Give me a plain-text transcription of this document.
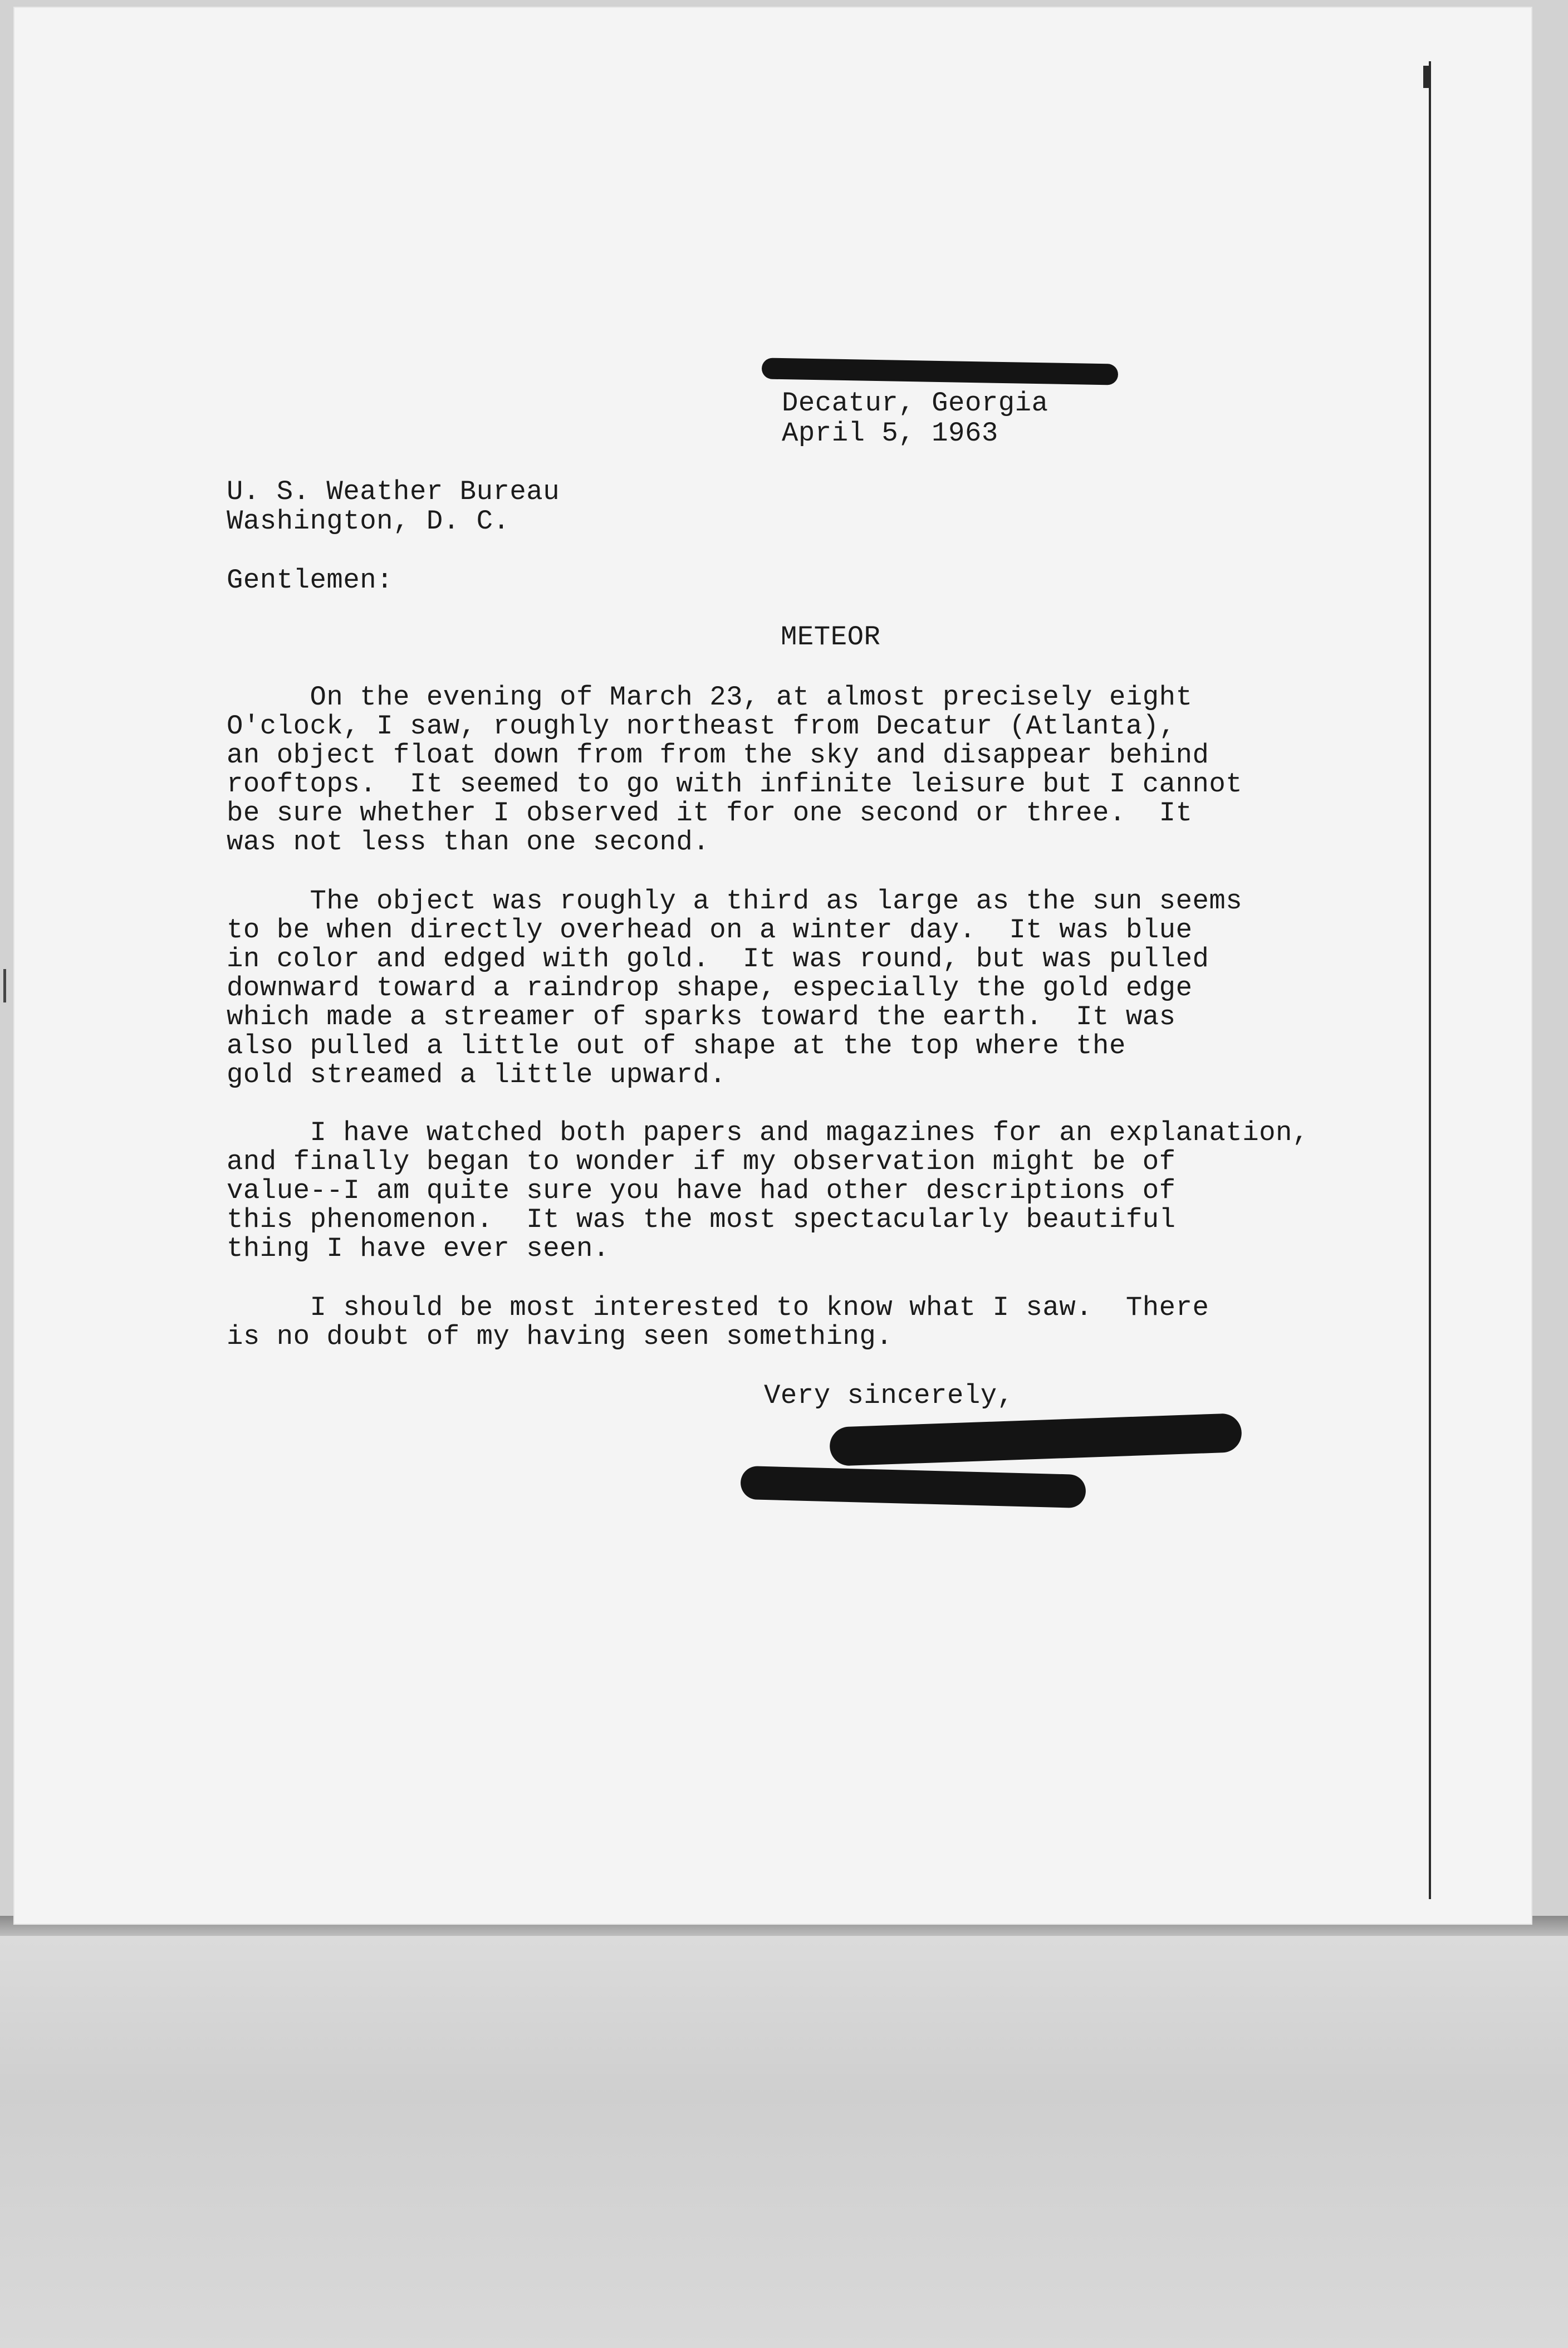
Decatur, Georgia
April 5, 1963
U. S. Weather Bureau
Washington, D. C.
Gentlemen:
METEOR
On the evening of March 23, at almost precisely eight
O'clock, I saw, roughly northeast from Decatur (Atlanta),
an object float down from from the sky and disappear behind
rooftops.  It seemed to go with infinite leisure but I cannot
be sure whether I observed it for one second or three.  It
was not less than one second.
The object was roughly a third as large as the sun seems
to be when directly overhead on a winter day.  It was blue
in color and edged with gold.  It was round, but was pulled
downward toward a raindrop shape, especially the gold edge
which made a streamer of sparks toward the earth.  It was
also pulled a little out of shape at the top where the
gold streamed a little upward.
I have watched both papers and magazines for an explanation,
and finally began to wonder if my observation might be of
value--I am quite sure you have had other descriptions of
this phenomenon.  It was the most spectacularly beautiful
thing I have ever seen.
I should be most interested to know what I saw.  There
is no doubt of my having seen something.
Very sincerely,
